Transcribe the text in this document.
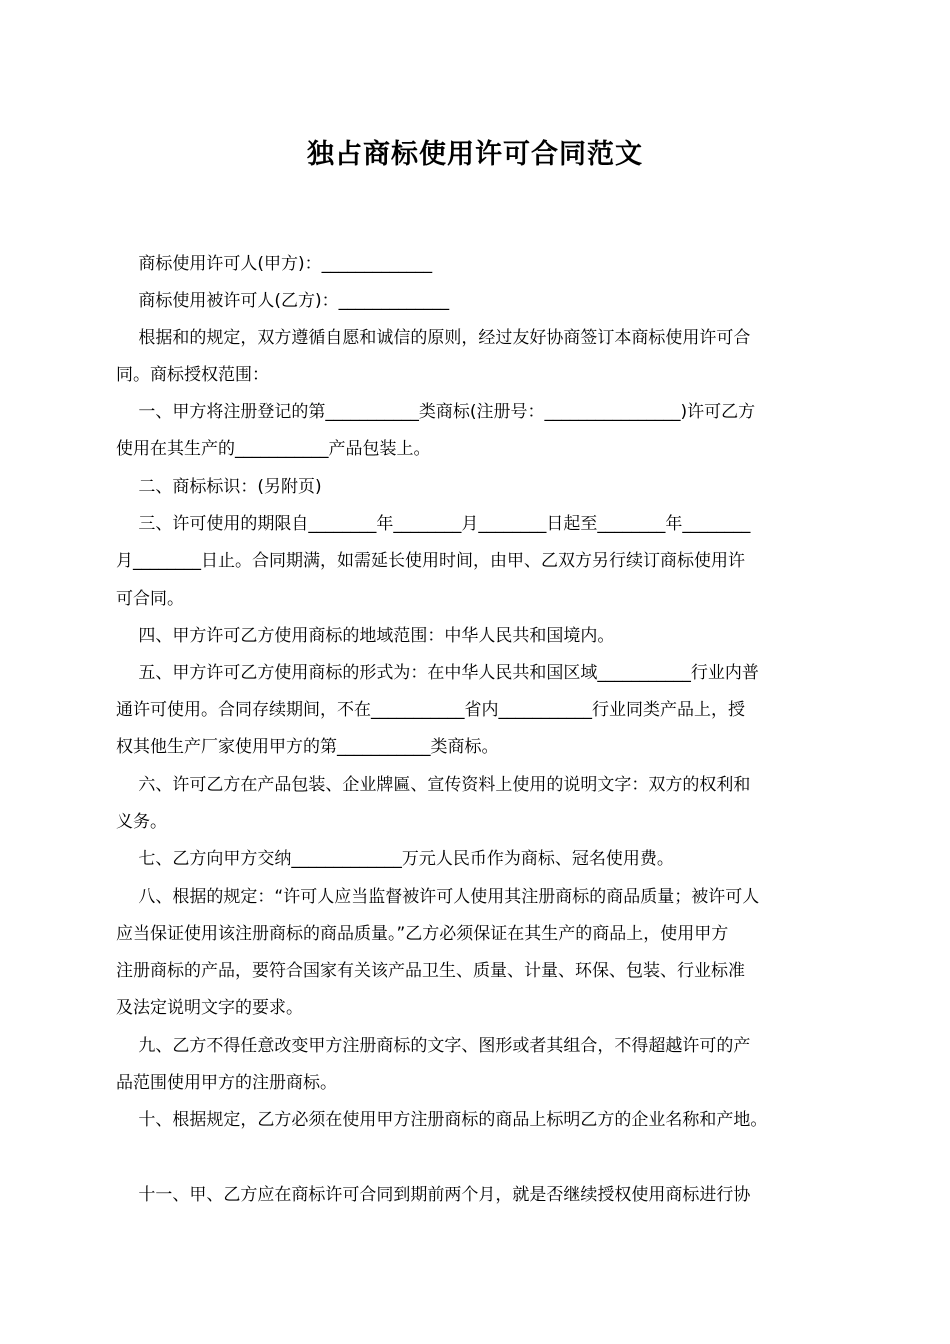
独占商标使用许可合同范文
　 商标使用许可人(甲方)：_____________
　 商标使用被许可人(乙方)：_____________
　 根据和的规定，双方遵循自愿和诚信的原则，经过友好协商签订本商标使用许可合
同。商标授权范围：
　 一、甲方将注册登记的第___________类商标(注册号：________________)许可乙方
使用在其生产的___________产品包装上。
　 二、商标标识：(另附页)
　 三、许可使用的期限自________年________月________日起至________年________
月________日止。合同期满，如需延长使用时间，由甲、乙双方另行续订商标使用许
可合同。
　 四、甲方许可乙方使用商标的地域范围：中华人民共和国境内。
　 五、甲方许可乙方使用商标的形式为：在中华人民共和国区域___________行业内普
通许可使用。合同存续期间，不在___________省内___________行业同类产品上，授
权其他生产厂家使用甲方的第___________类商标。
　 六、许可乙方在产品包装、企业牌匾、宣传资料上使用的说明文字：双方的权利和
义务。
　 七、乙方向甲方交纳_____________万元人民币作为商标、冠名使用费。
　 八、根据的规定：“许可人应当监督被许可人使用其注册商标的商品质量；被许可人
应当保证使用该注册商标的商品质量。”乙方必须保证在其生产的商品上，使用甲方
注册商标的产品，要符合国家有关该产品卫生、质量、计量、环保、包装、行业标准
及法定说明文字的要求。
　 九、乙方不得任意改变甲方注册商标的文字、图形或者其组合，不得超越许可的产
品范围使用甲方的注册商标。
　 十、根据规定，乙方必须在使用甲方注册商标的商品上标明乙方的企业名称和产地。
　 十一、甲、乙方应在商标许可合同到期前两个月，就是否继续授权使用商标进行协
